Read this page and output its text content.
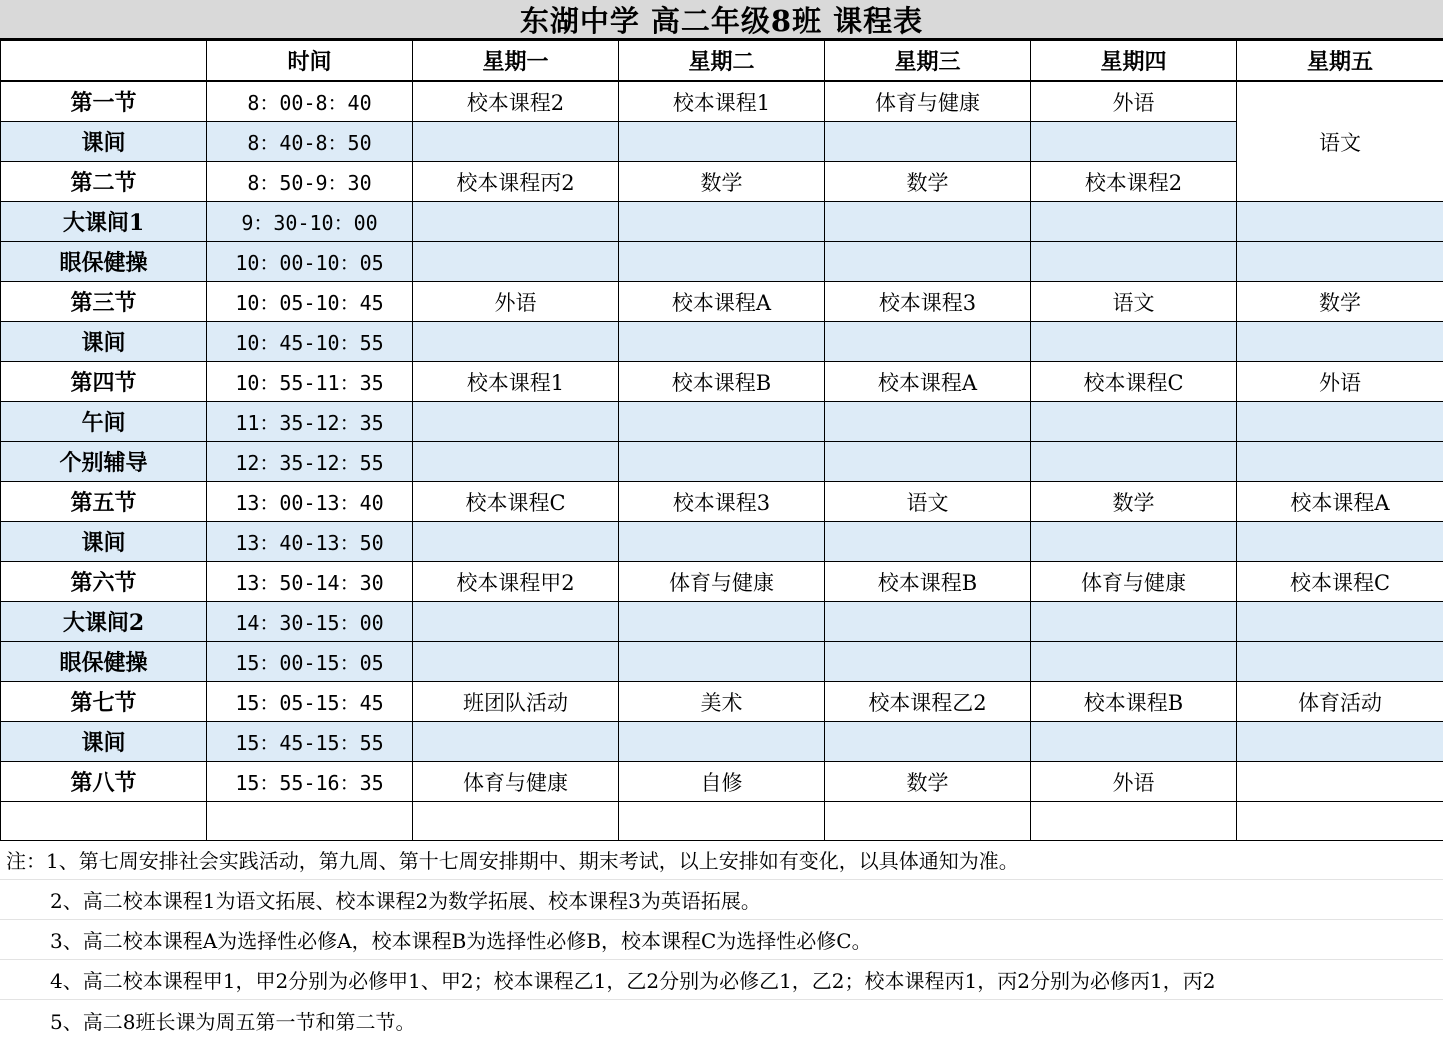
东湖中学 高二年级8班 课程表
	时间	星期一	星期二	星期三	星期四	星期五
第一节	8：00-8：40	校本课程2	校本课程1	体育与健康	外语	语文
课间	8：40-8：50					
第二节	8：50-9：30	校本课程丙2	数学	数学	校本课程2	
大课间1	9：30-10：00					
眼保健操	10：00-10：05					
第三节	10：05-10：45	外语	校本课程A	校本课程3	语文	数学
课间	10：45-10：55					
第四节	10：55-11：35	校本课程1	校本课程B	校本课程A	校本课程C	外语
午间	11：35-12：35					
个别辅导	12：35-12：55					
第五节	13：00-13：40	校本课程C	校本课程3	语文	数学	校本课程A
课间	13：40-13：50					
第六节	13：50-14：30	校本课程甲2	体育与健康	校本课程B	体育与健康	校本课程C
大课间2	14：30-15：00					
眼保健操	15：00-15：05					
第七节	15：05-15：45	班团队活动	美术	校本课程乙2	校本课程B	体育活动
课间	15：45-15：55					
第八节	15：55-16：35	体育与健康	自修	数学	外语	

注：1、第七周安排社会实践活动，第九周、第十七周安排期中、期末考试，以上安排如有变化，以具体通知为准。
2、高二校本课程1为语文拓展、校本课程2为数学拓展、校本课程3为英语拓展。
3、高二校本课程A为选择性必修A，校本课程B为选择性必修B，校本课程C为选择性必修C。
4、高二校本课程甲1，甲2分别为必修甲1、甲2；校本课程乙1，乙2分别为必修乙1，乙2；校本课程丙1，丙2分别为必修丙1，丙2
5、高二8班长课为周五第一节和第二节。
